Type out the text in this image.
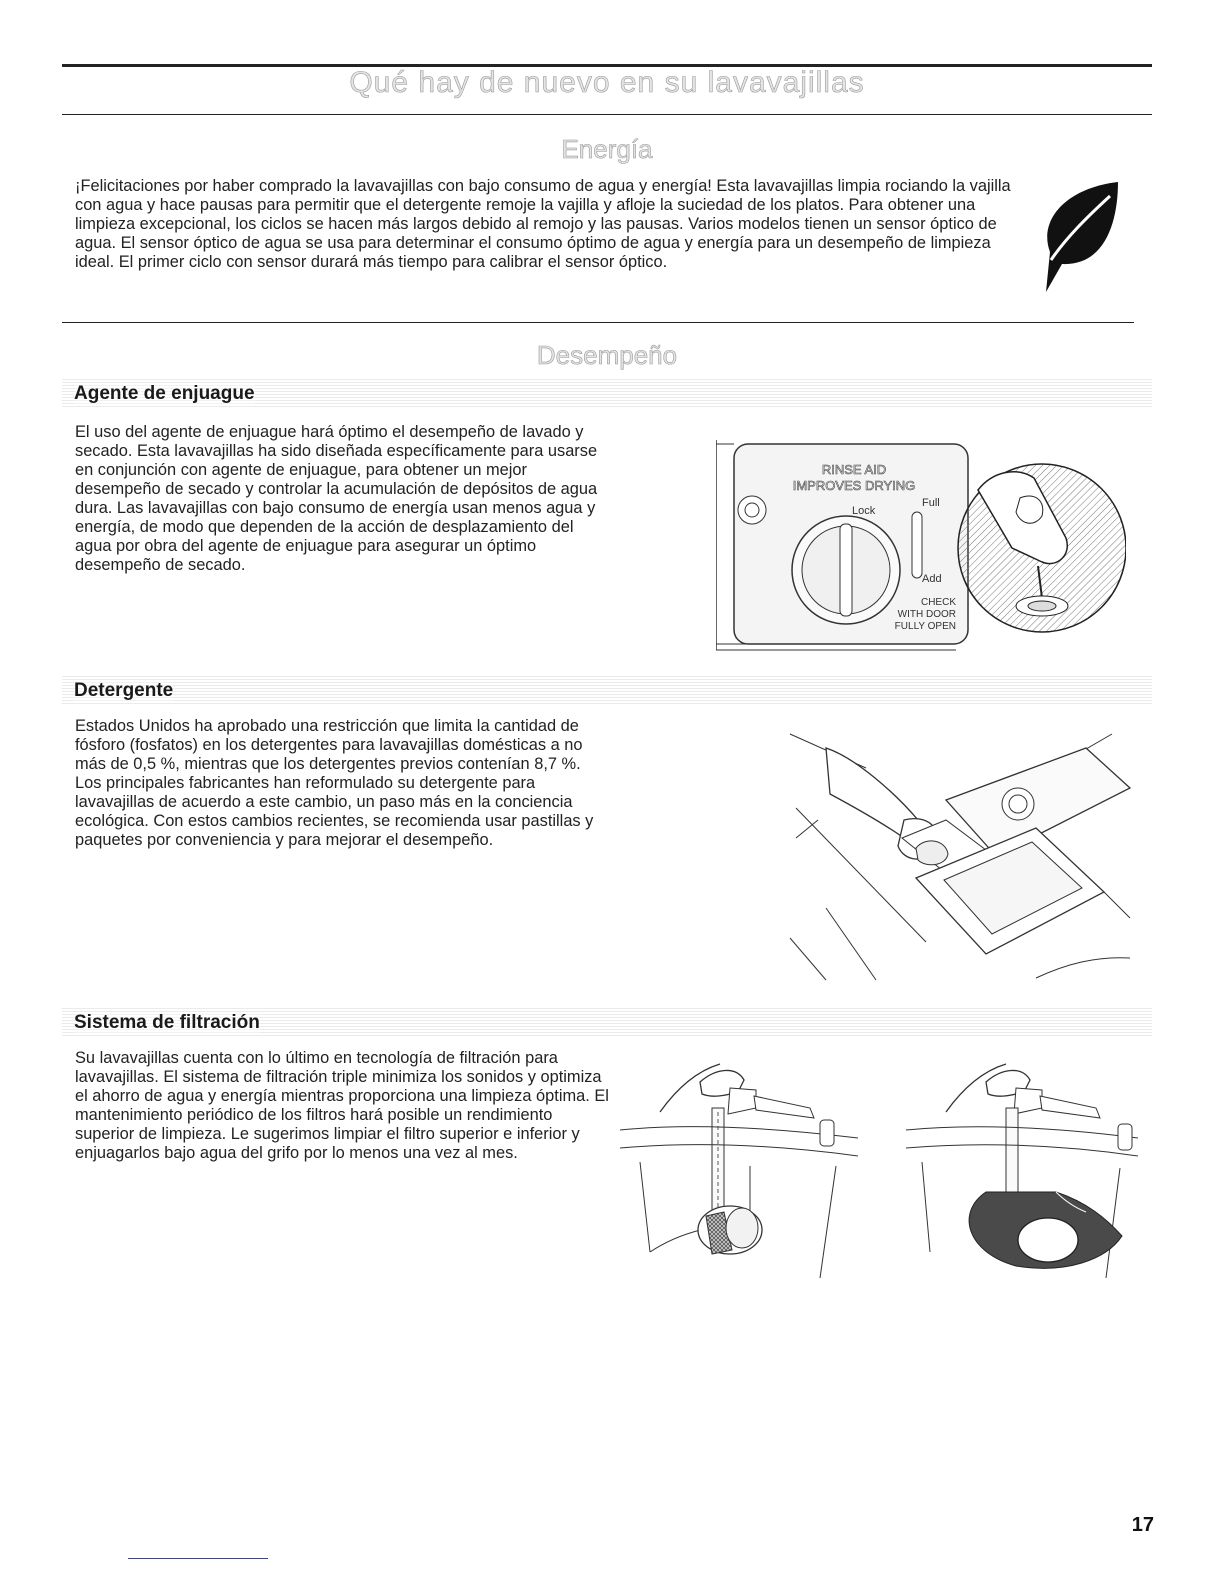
Qué hay de nuevo en su lavavajillas
Energía

¡Felicitaciones por haber comprado la lavavajillas con bajo consumo de agua y energía! Esta lavavajillas limpia rociando la vajilla con agua y hace pausas para permitir que el detergente remoje la vajilla y afloje la suciedad de los platos. Para obtener una limpieza excepcional, los ciclos se hacen más largos debido al remojo y las pausas. Varios modelos tienen un sensor óptico de agua. El sensor óptico de agua se usa para determinar el consumo óptimo de agua y energía para un desempeño de limpieza ideal. El primer ciclo con sensor durará más tiempo para calibrar el sensor óptico.

Desempeño
Agente de enjuague

El uso del agente de enjuague hará óptimo el desempeño de lavado y secado. Esta lavavajillas ha sido diseñada específicamente para usarse en conjunción con agente de enjuague, para obtener un mejor desempeño de secado y controlar la acumulación de depósitos de agua dura. Las lavavajillas con bajo consumo de energía usan menos agua y energía, de modo que dependen de la acción de desplazamiento del agua por obra del agente de enjuague para asegurar un óptimo desempeño de secado.

RINSE AID
IMPROVES DRYING
Lock
Full
Add
CHECK
WITH DOOR
FULLY OPEN
Detergente

Estados Unidos ha aprobado una restricción que limita la cantidad de fósforo (fosfatos) en los detergentes para lavavajillas domésticas a no más de 0,5 %, mientras que los detergentes previos contenían 8,7 %. Los principales fabricantes han reformulado su detergente para lavavajillas de acuerdo a este cambio, un paso más en la conciencia ecológica. Con estos cambios recientes, se recomienda usar pastillas y paquetes por conveniencia y para mejorar el desempeño.

Sistema de filtración

Su lavavajillas cuenta con lo último en tecnología de filtración para lavavajillas. El sistema de filtración triple minimiza los sonidos y optimiza el ahorro de agua y energía mientras proporciona una limpieza óptima. El mantenimiento periódico de los filtros hará posible un rendimiento superior de limpieza. Le sugerimos limpiar el filtro superior e inferior y enjuagarlos bajo agua del grifo por lo menos una vez al mes.

17
